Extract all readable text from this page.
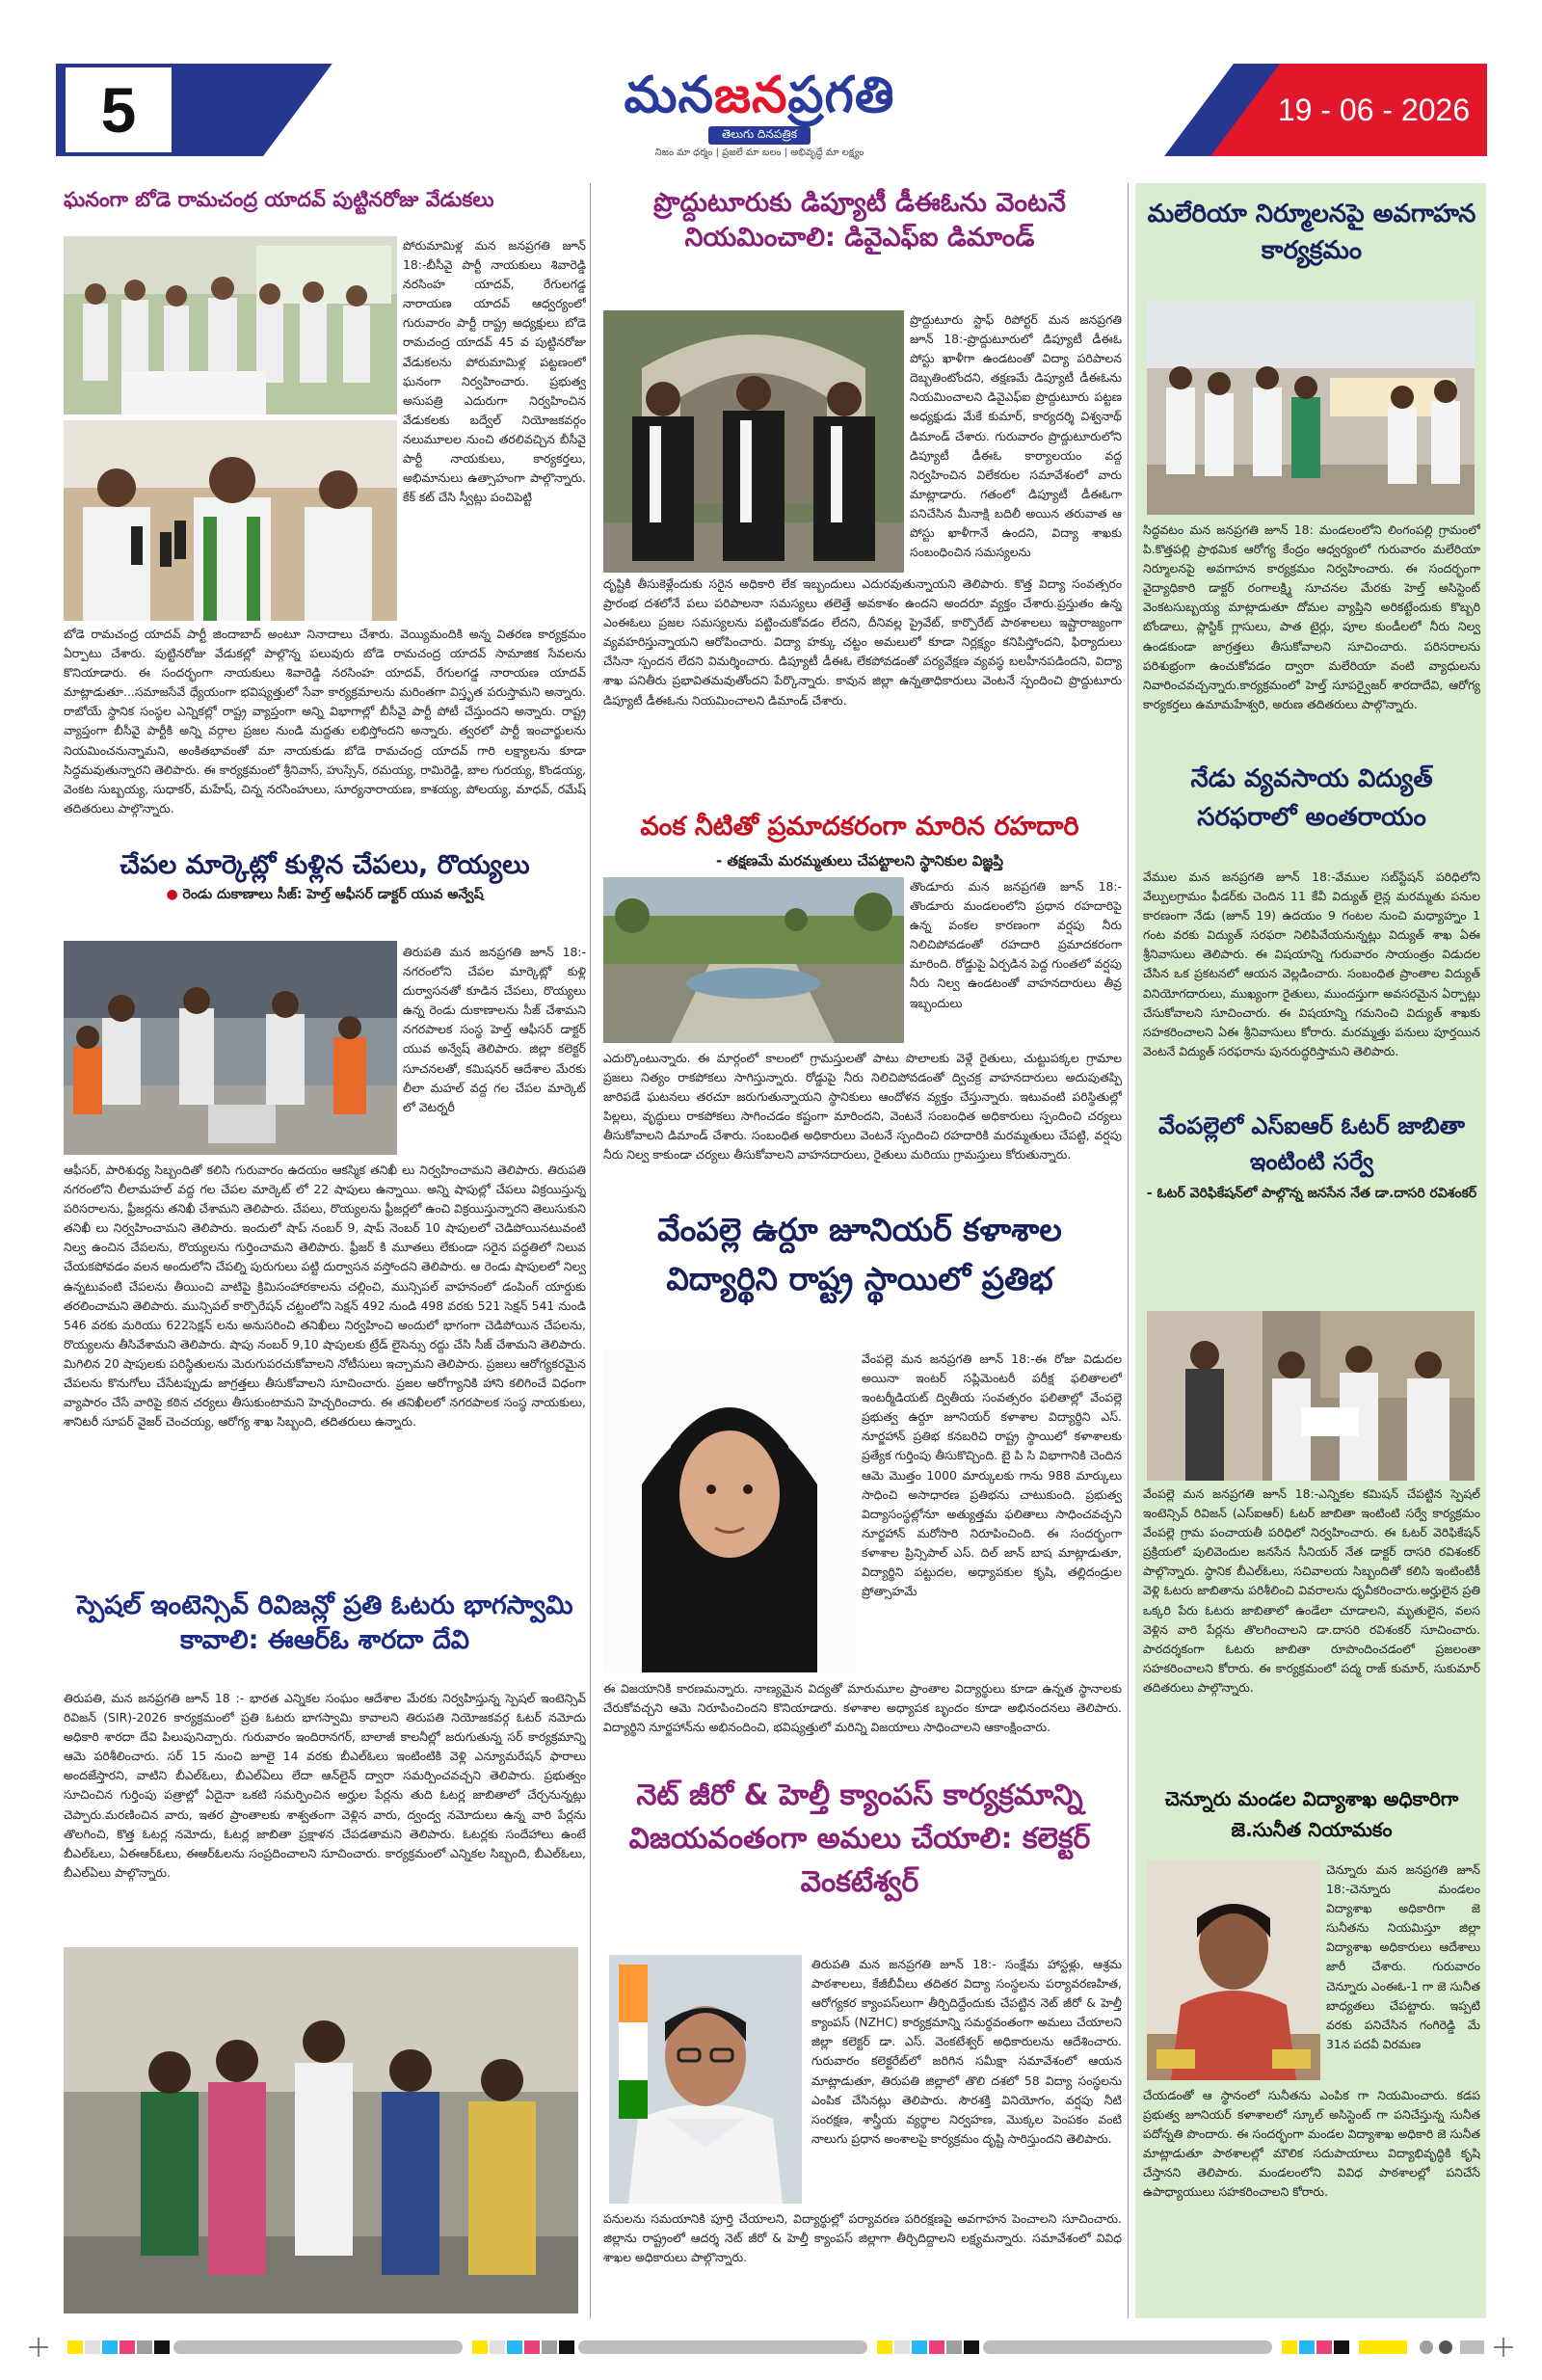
5	మనజనప్రగతి
తెలుగు దినపత్రిక
నిజం మా ధర్మం | ప్రజలే మా బలం | అభివృద్ధే మా లక్ష్యం
19 - 06 - 2026
ఘనంగా బోడె రామచంద్ర యాదవ్ పుట్టినరోజు వేడుకలు
పోరుమామిళ్ల మన జనప్రగతి జూన్ 18:-బీసీవై పార్టీ నాయకులు శివారెడ్డి నరసింహ యాదవ్, రేగులగడ్డ నారాయణ యాదవ్ ఆధ్వర్యంలో గురువారం పార్టీ రాష్ట్ర అధ్యక్షులు బోడె రామచంద్ర యాదవ్ 45 వ పుట్టినరోజు వేడుకలను పోరుమామిళ్ల పట్టణంలో ఘనంగా నిర్వహించారు. ప్రభుత్వ అసుపత్రి ఎదురుగా నిర్వహించిన వేడుకలకు బద్వేల్ నియోజకవర్గం నలుమూలల నుంచి తరలివచ్చిన బీసీవై పార్టీ నాయకులు, కార్యకర్తలు, అభిమానులు ఉత్సాహంగా పాల్గొన్నారు. కేక్ కట్ చేసి స్వీట్లు పంచిపెట్టి
బోడె రామచంద్ర యాదవ్ పార్టీ జిందాబాద్ అంటూ నినాదాలు చేశారు. వెయ్యిమందికి అన్న వితరణ కార్యక్రమం ఏర్పాటు చేశారు. పుట్టినరోజు వేడుకల్లో పాల్గొన్న పలువురు బోడె రామచంద్ర యాదవ్ సామాజిక సేవలను కొనియాడారు. ఈ సందర్భంగా నాయకులు శివారెడ్డి నరసింహ యాదవ్, రేగులగడ్డ నారాయణ యాదవ్ మాట్లాడుతూ...సమాజసేవే ధ్యేయంగా భవిష్యత్తులో సేవా కార్యక్రమాలను మరింతగా విస్తృత పరుస్తామని అన్నారు. రాబోయే స్థానిక సంస్థల ఎన్నికల్లో రాష్ట్ర వ్యాప్తంగా అన్ని విభాగాల్లో బీసీవై పార్టీ పోటీ చేస్తుందని అన్నారు. రాష్ట్ర వ్యాప్తంగా బీసీవై పార్టీకి అన్ని వర్గాల ప్రజల నుండి మద్దతు లభిస్తోందని అన్నారు. త్వరలో పార్టీ ఇంచార్జులను నియమించనున్నామని, అంకితభావంతో మా నాయకుడు బోడె రామచంద్ర యాదవ్ గారి లక్ష్యాలను కూడా సిద్ధమవుతున్నారని తెలిపారు. ఈ కార్యక్రమంలో శ్రీనివాస్, హుస్సేన్, రమయ్య, రామిరెడ్డి, బాల గురయ్య, కొండయ్య, వెంకట సుబ్బయ్య, సుధాకర్, మహేష్, చిన్న నరసింహులు, సూర్యనారాయణ, కాశయ్య, పోలయ్య, మాధవ్, రమేష్ తదితరులు పాల్గొన్నారు.
చేపల మార్కెట్లో కుళ్లిన చేపలు, రొయ్యలు
● రెండు దుకాణాలు సీజ్: హెల్త్ ఆఫీసర్ డాక్టర్ యువ అన్వేష్
తిరుపతి మన జనప్రగతి జూన్ 18:- నగరంలోని చేపల మార్కెట్లో కుళ్లి దుర్వాసనతో కూడిన చేపలు, రొయ్యలు ఉన్న రెండు దుకాణాలను సీజ్ చేశామని నగరపాలక సంస్థ హెల్త్ ఆఫీసర్ డాక్టర్ యువ అన్వేష్ తెలిపారు. జిల్లా కలెక్టర్ సూచనలతో, కమిషనర్ ఆదేశాల మేరకు లీలా మహల్ వద్ద గల చేపల మార్కెట్ లో వెటర్నరీ
ఆఫీసర్, పారిశుధ్య సిబ్బందితో కలిసి గురువారం ఉదయం ఆకస్మిక తనిఖీ లు నిర్వహించామని తెలిపారు. తిరుపతి నగరంలోని లీలామహల్ వద్ద గల చేపల మార్కెట్ లో 22 షాపులు ఉన్నాయి. అన్ని షాపుల్లో చేపలు విక్రయిస్తున్న పరిసరాలను, ఫ్రీజర్లను తనిఖీ చేశామని తెలిపారు. చేపలు, రొయ్యలను ఫ్రీజర్లలో ఉంచి విక్రయిస్తున్నారని తెలుసుకుని తనిఖీ లు నిర్వహించామని తెలిపారు. ఇందులో షాప్ నంబర్ 9, షాప్ నెంబర్ 10 షాపులలో చెడిపోయినటువంటి నిల్వ ఉంచిన చేపలను, రొయ్యలను గుర్తించామని తెలిపారు. ఫ్రీజర్ కి మూతలు లేకుండా సరైన పద్ధతిలో నిలువ చేయకపోవడం వలన అందులోని చేపల్ని పురుగులు పట్టి దుర్వాసన వస్తోందని తెలిపారు. ఆ రెండు షాపులలో నిల్వ ఉన్నటువంటి చేపలను తీయించి వాటిపై క్రిమిసంహారకాలను చల్లించి, మున్సిపల్ వాహనంలో డంపింగ్ యార్డుకు తరలించామని తెలిపారు. మున్సిపల్ కార్పొరేషన్ చట్టంలోని సెక్షన్ 492 నుండి 498 వరకు 521 సెక్షన్ 541 నుండి 546 వరకు మరియు 622సెక్షన్ లను అనుసరించి తనిఖీలు నిర్వహించి అందులో భాగంగా చెడిపోయిన చేపలను, రొయ్యలను తీసివేశామని తెలిపారు. షాపు నంబర్ 9,10 షాపులకు ట్రేడ్ లైసెన్సు రద్దు చేసి సీజ్ చేశామని తెలిపారు. మిగిలిన 20 షాపులకు పరిస్థితులను మెరుగుపరచుకోవాలని నోటీసులు ఇచ్చామని తెలిపారు. ప్రజలు ఆరోగ్యకరమైన చేపలను కొనుగోలు చేసేటప్పుడు జాగ్రత్తలు తీసుకోవాలని సూచించారు. ప్రజల ఆరోగ్యానికి హాని కలిగించే విధంగా వ్యాపారం చేసే వారిపై కఠిన చర్యలు తీసుకుంటామని హెచ్చరించారు. ఈ తనిఖీలలో నగరపాలక సంస్థ నాయకులు, శానిటరీ సూపర్ వైజర్ చెంచయ్య, ఆరోగ్య శాఖ సిబ్బంది, తదితరులు ఉన్నారు.
స్పెషల్ ఇంటెన్సివ్ రివిజన్లో ప్రతి ఓటరు భాగస్వామి కావాలి: ఈఆర్ఓ శారదా దేవి
తిరుపతి, మన జనప్రగతి జూన్ 18 :- భారత ఎన్నికల సంఘం ఆదేశాల మేరకు నిర్వహిస్తున్న స్పెషల్ ఇంటెన్సివ్ రివిజన్ (SIR)-2026 కార్యక్రమంలో ప్రతి ఓటరు భాగస్వామి కావాలని తిరుపతి నియోజకవర్గ ఓటర్ నమోదు అధికారి శారదా దేవి పిలుపునిచ్చారు. గురువారం ఇందిరానగర్, బాలాజీ కాలనీల్లో జరుగుతున్న సర్ కార్యక్రమాన్ని ఆమె పరిశీలించారు. సర్ 15 నుంచి జూలై 14 వరకు బీఎల్ఓలు ఇంటింటికి వెళ్లి ఎన్యూమరేషన్ ఫారాలు అందజేస్తారని, వాటిని బీఎల్ఓలు, బీఎల్ఏలు లేదా ఆన్‌లైన్ ద్వారా సమర్పించవచ్చని తెలిపారు. ప్రభుత్వం సూచించిన గుర్తింపు పత్రాల్లో ఏదైనా ఒకటి సమర్పించిన అర్హుల పేర్లను తుది ఓటర్ల జాబితాలో చేర్చనున్నట్లు చెప్పారు.మరణించిన వారు, ఇతర ప్రాంతాలకు శాశ్వతంగా వెళ్లిన వారు, ద్వంద్వ నమోదులు ఉన్న వారి పేర్లను తొలగించి, కొత్త ఓటర్ల నమోదు, ఓటర్ల జాబితా ప్రక్షాళన చేపడతామని తెలిపారు. ఓటర్లకు సందేహాలు ఉంటే బీఎల్ఓలు, ఏఈఆర్ఓలు, ఈఆర్ఓలను సంప్రదించాలని సూచించారు. కార్యక్రమంలో ఎన్నికల సిబ్బంది, బీఎల్ఓలు, బీఎల్ఏలు పాల్గొన్నారు.
ప్రొద్దుటూరుకు డిప్యూటీ డీఈఓను వెంటనే నియమించాలి: డివైఎఫ్ఐ డిమాండ్
ప్రొద్దుటూరు స్టాఫ్ రిపోర్టర్ మన జనప్రగతి జూన్ 18:-ప్రొద్దుటూరులో డిప్యూటీ డీఈఓ పోస్టు ఖాళీగా ఉండటంతో విద్యా పరిపాలన దెబ్బతింటోందని, తక్షణమే డిప్యూటీ డీఈఓను నియమించాలని డివైఎఫ్ఐ ప్రొద్దుటూరు పట్టణ అధ్యక్షుడు మేకే కుమార్, కార్యదర్శి విశ్వనాథ్ డిమాండ్ చేశారు. గురువారం ప్రొద్దుటూరులోని డిప్యూటీ డీఈఓ కార్యాలయం వద్ద నిర్వహించిన విలేకరుల సమావేశంలో వారు మాట్లాడారు. గతంలో డిప్యూటీ డీఈఓగా పనిచేసిన మీనాక్షి బదిలీ అయిన తరువాత ఆ పోస్టు ఖాళీగానే ఉందని, విద్యా శాఖకు సంబంధించిన సమస్యలను
దృష్టికి తీసుకెళ్లేందుకు సరైన అధికారి లేక ఇబ్బందులు ఎదురవుతున్నాయని తెలిపారు. కొత్త విద్యా సంవత్సరం ప్రారంభ దశలోనే పలు పరిపాలనా సమస్యలు తలెత్తే అవకాశం ఉందని అందరూ వ్యక్తం చేశారు.ప్రస్తుతం ఉన్న ఎంఈఓలు ప్రజల సమస్యలను పట్టించుకోవడం లేదని, దీనివల్ల ప్రైవేట్, కార్పొరేట్ పాఠశాలలు ఇష్టారాజ్యంగా వ్యవహరిస్తున్నాయని ఆరోపించారు. విద్యా హక్కు చట్టం అమలులో కూడా నిర్లక్ష్యం కనిపిస్తోందని, ఫిర్యాదులు చేసినా స్పందన లేదని విమర్శించారు. డిప్యూటీ డీఈఓ లేకపోవడంతో పర్యవేక్షణ వ్యవస్థ బలహీనపడిందని, విద్యా శాఖ పనితీరు ప్రభావితమవుతోందని పేర్కొన్నారు. కావున జిల్లా ఉన్నతాధికారులు వెంటనే స్పందించి ప్రొద్దుటూరు డిప్యూటీ డీఈఓను నియమించాలని డిమాండ్ చేశారు.
వంక నీటితో ప్రమాదకరంగా మారిన రహదారి
- తక్షణమే మరమ్మతులు చేపట్టాలని స్థానికుల విజ్ఞప్తి
తొండూరు మన జనప్రగతి జూన్ 18:-తొండూరు మండలంలోని ప్రధాన రహదారిపై ఉన్న వంకల కారణంగా వర్షపు నీరు నిలిచిపోవడంతో రహదారి ప్రమాదకరంగా మారింది. రోడ్డుపై ఏర్పడిన పెద్ద గుంతలో వర్షపు నీరు నిల్వ ఉండటంతో వాహనదారులు తీవ్ర ఇబ్బందులు
ఎదుర్కొంటున్నారు. ఈ మార్గంలో కాలంలో గ్రామస్తులతో పాటు పొలాలకు వెళ్లే రైతులు, చుట్టుపక్కల గ్రామాల ప్రజలు నిత్యం రాకపోకలు సాగిస్తున్నారు. రోడ్డుపై నీరు నిలిచిపోవడంతో ద్విచక్ర వాహనదారులు అదుపుతప్పి జారిపడే ఘటనలు తరచూ జరుగుతున్నాయని స్థానికులు ఆందోళన వ్యక్తం చేస్తున్నారు. ఇటువంటి పరిస్థితుల్లో పిల్లలు, వృద్ధులు రాకపోకలు సాగించడం కష్టంగా మారిందని, వెంటనే సంబంధిత అధికారులు స్పందించి చర్యలు తీసుకోవాలని డిమాండ్ చేశారు. సంబంధిత అధికారులు వెంటనే స్పందించి రహదారికి మరమ్మతులు చేపట్టి, వర్షపు నీరు నిల్వ కాకుండా చర్యలు తీసుకోవాలని వాహనదారులు, రైతులు మరియు గ్రామస్తులు కోరుతున్నారు.
వేంపల్లె ఉర్దూ జూనియర్ కళాశాల విద్యార్థిని రాష్ట్ర స్థాయిలో ప్రతిభ
వేంపల్లె మన జనప్రగతి జూన్ 18:-ఈ రోజు విడుదల అయినా ఇంటర్ సప్లిమెంటరీ పరీక్ష ఫలితాలలో ఇంటర్మీడియట్ ద్వితీయ సంవత్సరం ఫలితాల్లో వేంపల్లె ప్రభుత్వ ఉర్దూ జూనియర్ కళాశాల విద్యార్థిని ఎస్. నూర్జహాన్ ప్రతిభ కనబరిచి రాష్ట్ర స్థాయిలో కళాశాలకు ప్రత్యేక గుర్తింపు తీసుకొచ్చింది. బై పి సి విభాగానికి చెందిన ఆమె మొత్తం 1000 మార్కులకు గాను 988 మార్కులు సాధించి అసాధారణ ప్రతిభను చాటుకుంది. ప్రభుత్వ విద్యాసంస్థల్లోనూ అత్యుత్తమ ఫలితాలు సాధించవచ్చని నూర్జహాన్ మరోసారి నిరూపించింది. ఈ సందర్భంగా కళాశాల ప్రిన్సిపాల్ ఎస్. దిల్ జాన్ బాష మాట్లాడుతూ, విద్యార్థిని పట్టుదల, అధ్యాపకుల కృషి, తల్లిదండ్రుల ప్రోత్సాహమే
ఈ విజయానికి కారణమన్నారు. నాణ్యమైన విద్యతో మారుమూల ప్రాంతాల విద్యార్థులు కూడా ఉన్నత స్థానాలకు చేరుకోవచ్చని ఆమె నిరూపించిందని కొనియాడారు. కళాశాల అధ్యాపక బృందం కూడా అభినందనలు తెలిపారు. విద్యార్థిని నూర్జహాన్‌ను అభినందించి, భవిష్యత్తులో మరిన్ని విజయాలు సాధించాలని ఆకాంక్షించారు.
నెట్ జీరో & హెల్తీ క్యాంపస్ కార్యక్రమాన్ని విజయవంతంగా అమలు చేయాలి: కలెక్టర్ వెంకటేశ్వర్
తిరుపతి మన జనప్రగతి జూన్ 18:- సంక్షేమ హాస్టళ్లు, ఆశ్రమ పాఠశాలలు, కేజీబీవీలు తదితర విద్యా సంస్థలను పర్యావరణహిత, ఆరోగ్యకర క్యాంపస్‌లుగా తీర్చిదిద్దేందుకు చేపట్టిన నెట్ జీరో & హెల్తీ క్యాంపస్ (NZHC) కార్యక్రమాన్ని సమర్థవంతంగా అమలు చేయాలని జిల్లా కలెక్టర్ డా. ఎస్. వెంకటేశ్వర్ అధికారులను ఆదేశించారు. గురువారం కలెక్టరేట్‌లో జరిగిన సమీక్షా సమావేశంలో ఆయన మాట్లాడుతూ, తిరుపతి జిల్లాలో తొలి దశలో 58 విద్యా సంస్థలను ఎంపిక చేసినట్లు తెలిపారు. సౌరశక్తి వినియోగం, వర్షపు నీటి సంరక్షణ, శాస్త్రీయ వ్యర్థాల నిర్వహణ, మొక్కల పెంపకం వంటి నాలుగు ప్రధాన అంశాలపై కార్యక్రమం దృష్టి సారిస్తుందని తెలిపారు.
పనులను సమయానికి పూర్తి చేయాలని, విద్యార్థుల్లో పర్యావరణ పరిరక్షణపై అవగాహన పెంచాలని సూచించారు. జిల్లాను రాష్ట్రంలో ఆదర్శ నెట్ జీరో & హెల్తీ క్యాంపస్ జిల్లాగా తీర్చిదిద్దాలని లక్ష్యమన్నారు. సమావేశంలో వివిధ శాఖల అధికారులు పాల్గొన్నారు.
మలేరియా నిర్మూలనపై అవగాహన కార్యక్రమం
సిద్ధవటం మన జనప్రగతి జూన్ 18: మండలంలోని లింగంపల్లి గ్రామంలో పి.కొత్తపల్లి ప్రాథమిక ఆరోగ్య కేంద్రం ఆధ్వర్యంలో గురువారం మలేరియా నిర్మూలనపై అవగాహన కార్యక్రమం నిర్వహించారు. ఈ సందర్భంగా వైద్యాధికారి డాక్టర్ రంగాలక్ష్మి సూచనల మేరకు హెల్త్ అసిస్టెంట్ వెంకటసుబ్బయ్య మాట్లాడుతూ దోమల వ్యాప్తిని అరికట్టేందుకు కొబ్బరి బోండాలు, ప్లాస్టిక్ గ్లాసులు, పాత టైర్లు, పూల కుండీలలో నీరు నిల్వ ఉండకుండా జాగ్రత్తలు తీసుకోవాలని సూచించారు. పరిసరాలను పరిశుభ్రంగా ఉంచుకోవడం ద్వారా మలేరియా వంటి వ్యాధులను నివారించవచ్చన్నారు.కార్యక్రమంలో హెల్త్ సూపర్వైజర్ శారదాదేవి, ఆరోగ్య కార్యకర్తలు ఉమామహేశ్వరి, అరుణ తదితరులు పాల్గొన్నారు.
నేడు వ్యవసాయ విద్యుత్ సరఫరాలో అంతరాయం
వేముల మన జనప్రగతి జూన్ 18:-వేముల సబ్‌స్టేషన్ పరిధిలోని వేల్పులగ్రామం ఫీడర్‌కు చెందిన 11 కేవీ విద్యుత్ లైన్ల మరమ్మతు పనుల కారణంగా నేడు (జూన్ 19) ఉదయం 9 గంటల నుంచి మధ్యాహ్నం 1 గంట వరకు విద్యుత్ సరఫరా నిలిపివేయనున్నట్లు విద్యుత్ శాఖ ఏఈ శ్రీనివాసులు తెలిపారు. ఈ విషయాన్ని గురువారం సాయంత్రం విడుదల చేసిన ఒక ప్రకటనలో ఆయన వెల్లడించారు. సంబంధిత ప్రాంతాల విద్యుత్ వినియోగదారులు, ముఖ్యంగా రైతులు, ముందస్తుగా అవసరమైన ఏర్పాట్లు చేసుకోవాలని సూచించారు. ఈ విషయాన్ని గమనించి విద్యుత్ శాఖకు సహకరించాలని ఏఈ శ్రీనివాసులు కోరారు. మరమ్మత్తు పనులు పూర్తయిన వెంటనే విద్యుత్ సరఫరాను పునరుద్ధరిస్తామని తెలిపారు.
వేంపల్లెలో ఎస్ఐఆర్ ఓటర్ జాబితా ఇంటింటి సర్వే
- ఓటర్ వెరిఫికేషన్‌లో పాల్గొన్న జనసేన నేత డా.దాసరి రవిశంకర్
వేంపల్లె మన జనప్రగతి జూన్ 18:-ఎన్నికల కమిషన్ చేపట్టిన స్పెషల్ ఇంటెన్సివ్ రివిజన్ (ఎస్ఐఆర్) ఓటర్ జాబితా ఇంటింటి సర్వే కార్యక్రమం వేంపల్లె గ్రామ పంచాయతీ పరిధిలో నిర్వహించారు. ఈ ఓటర్ వెరిఫికేషన్ ప్రక్రియలో పులివెందుల జనసేన సీనియర్ నేత డాక్టర్ దాసరి రవిశంకర్ పాల్గొన్నారు. స్థానిక బీఎల్ఓలు, సచివాలయ సిబ్బందితో కలిసి ఇంటింటికీ వెళ్లి ఓటరు జాబితాను పరిశీలించి వివరాలను ధృవీకరించారు.అర్హులైన ప్రతి ఒక్కరి పేరు ఓటరు జాబితాలో ఉండేలా చూడాలని, మృతులైన, వలస వెళ్లిన వారి పేర్లను తొలగించాలని డా.దాసరి రవిశంకర్ సూచించారు. పారదర్శకంగా ఓటరు జాబితా రూపొందించడంలో ప్రజలంతా సహకరించాలని కోరారు. ఈ కార్యక్రమంలో పద్మ రాజ్ కుమార్, సుకుమార్ తదితరులు పాల్గొన్నారు.
చెన్నూరు మండల విద్యాశాఖ అధికారిగా జె.సునీత నియామకం
చెన్నూరు మన జనప్రగతి జూన్ 18:-చెన్నూరు మండలం విద్యాశాఖ అధికారిగా జె సునీతను నియమిస్తూ జిల్లా విద్యాశాఖ అధికారులు ఆదేశాలు జారీ చేశారు. గురువారం చెన్నూరు ఎంఈఓ-1 గా జె సునీత బాధ్యతలు చేపట్టారు. ఇప్పటి వరకు పనిచేసిన గంగిరెడ్డి మే 31న పదవీ విరమణ
చేయడంతో ఆ స్థానంలో సునీతను ఎంపిక గా నియమించారు. కడప ప్రభుత్వ జూనియర్ కళాశాలలో స్కూల్ అసిస్టెంట్ గా పనిచేస్తున్న సునీత పదోన్నతి పొందారు. ఈ సందర్భంగా మండల విద్యాశాఖ అధికారి జె సునీత మాట్లాడుతూ పాఠశాలల్లో మౌలిక సదుపాయాలు విద్యాభివృద్ధికి కృషి చేస్తానని తెలిపారు. మండలంలోని వివిధ పాఠశాలల్లో పనిచేసే ఉపాధ్యాయులు సహకరించాలని కోరారు.
